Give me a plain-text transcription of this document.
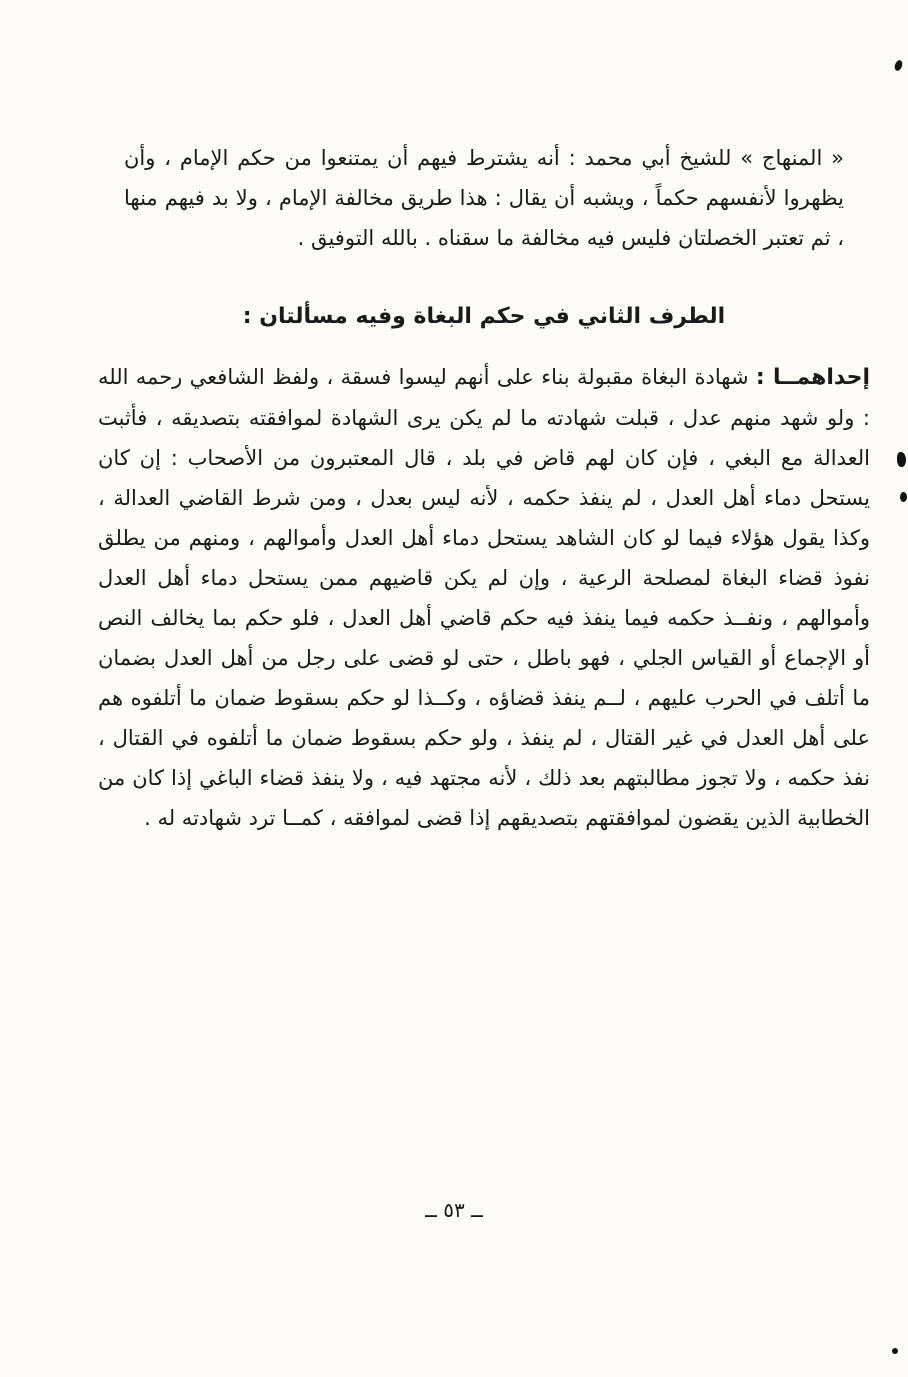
« المنهاج » للشيخ أبي محمد : أنه يشترط فيهم أن يمتنعوا من حكم الإمام ، وأن يظهروا لأنفسهم حكماً ، ويشبه أن يقال : هذا طريق مخالفة الإمام ، ولا بد فيهم منها ، ثم تعتبر الخصلتان فليس فيه مخالفة ما سقناه . بالله التوفيق .

الطرف الثاني في حكم البغاة وفيه مسألتان :

إحداهمــا : شهادة البغاة مقبولة بناء على أنهم ليسوا فسقة ، ولفظ الشافعي رحمه الله : ولو شهد منهم عدل ، قبلت شهادته ما لم يكن يرى الشهادة لموافقته بتصديقه ، فأثبت العدالة مع البغي ، فإن كان لهم قاض في بلد ، قال المعتبرون من الأصحاب : إن كان يستحل دماء أهل العدل ، لم ينفذ حكمه ، لأنه ليس بعدل ، ومن شرط القاضي العدالة ، وكذا يقول هؤلاء فيما لو كان الشاهد يستحل دماء أهل العدل وأموالهم ، ومنهم من يطلق نفوذ قضاء البغاة لمصلحة الرعية ، وإن لم يكن قاضيهم ممن يستحل دماء أهل العدل وأموالهم ، ونفــذ حكمه فيما ينفذ فيه حكم قاضي أهل العدل ، فلو حكم بما يخالف النص أو الإجماع أو القياس الجلي ، فهو باطل ، حتى لو قضى على رجل من أهل العدل بضمان ما أتلف في الحرب عليهم ، لــم ينفذ قضاؤه ، وكــذا لو حكم بسقوط ضمان ما أتلفوه هم على أهل العدل في غير القتال ، لم ينفذ ، ولو حكم بسقوط ضمان ما أتلفوه في القتال ، نفذ حكمه ، ولا تجوز مطالبتهم بعد ذلك ، لأنه مجتهد فيه ، ولا ينفذ قضاء الباغي إذا كان من الخطابية الذين يقضون لموافقتهم بتصديقهم إذا قضى لموافقه ، كمــا ترد شهادته له .

ــ ٥٣ ــ
